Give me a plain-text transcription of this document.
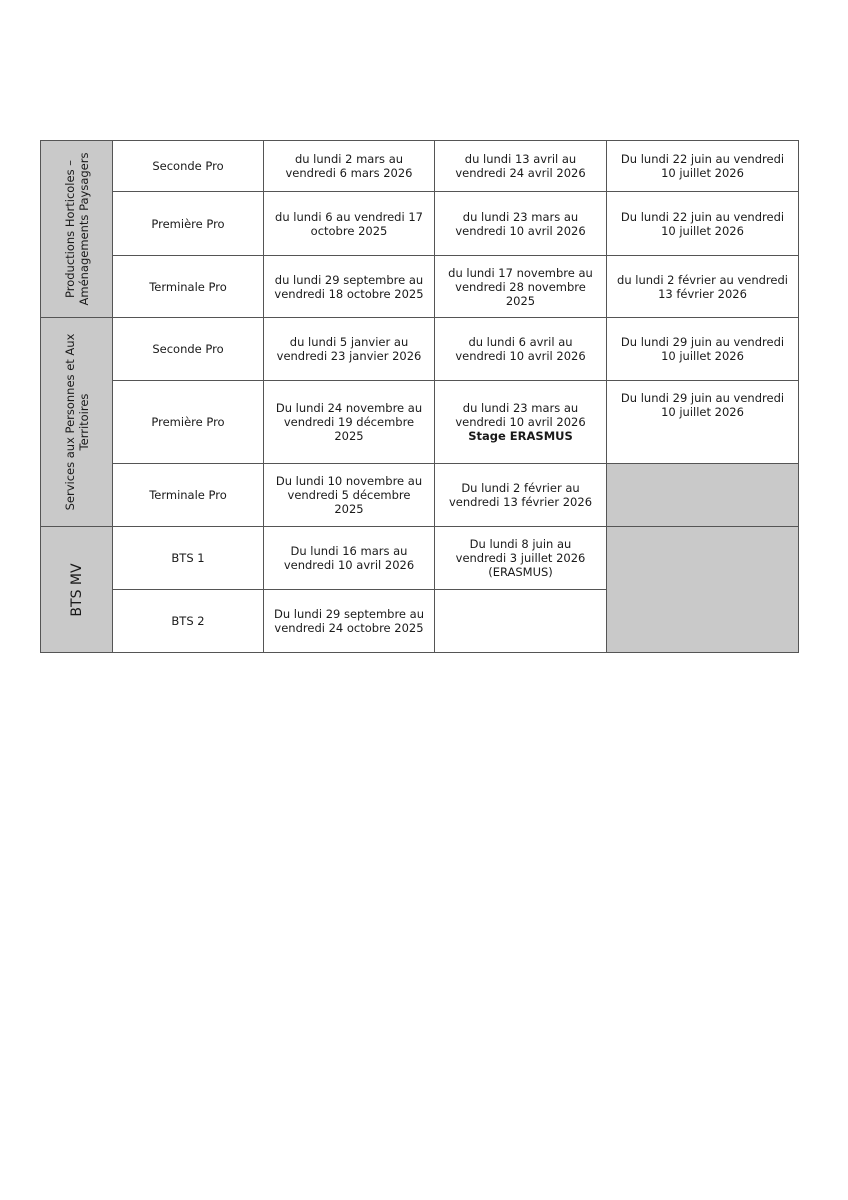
Productions Horticoles – Aménagements Paysagers	Seconde Pro	du lundi 2 mars au vendredi 6 mars 2026	du lundi 13 avril au vendredi 24 avril 2026	Du lundi 22 juin au vendredi 10 juillet 2026
	Première Pro	du lundi 6 au vendredi 17 octobre 2025	du lundi 23 mars au vendredi 10 avril 2026	Du lundi 22 juin au vendredi 10 juillet 2026
	Terminale Pro	du lundi 29 septembre au vendredi 18 octobre 2025	du lundi 17 novembre au vendredi 28 novembre 2025	du lundi 2 février au vendredi 13 février 2026

Services aux Personnes et Aux Territoires	Seconde Pro	du lundi 5 janvier au vendredi 23 janvier 2026	du lundi 6 avril au vendredi 10 avril 2026	Du lundi 29 juin au vendredi 10 juillet 2026
	Première Pro	Du lundi 24 novembre au vendredi 19 décembre 2025	du lundi 23 mars au vendredi 10 avril 2026 Stage ERASMUS	Du lundi 29 juin au vendredi 10 juillet 2026
	Terminale Pro	Du lundi 10 novembre au vendredi 5 décembre 2025	Du lundi 2 février au vendredi 13 février 2026	

BTS MV	BTS 1	Du lundi 16 mars au vendredi 10 avril 2026	Du lundi 8 juin au vendredi 3 juillet 2026 (ERASMUS)	
	BTS 2	Du lundi 29 septembre au vendredi 24 octobre 2025		
